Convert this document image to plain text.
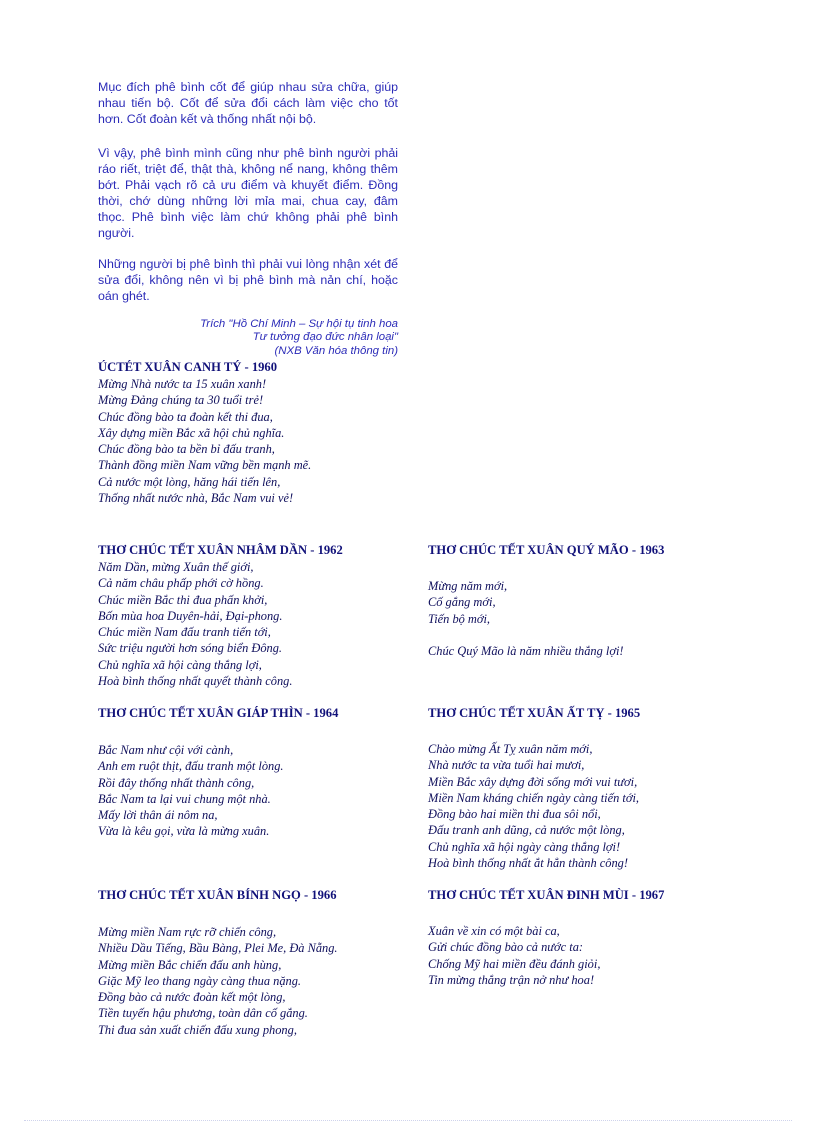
Mục đích phê bình cốt để giúp nhau sửa chữa, giúp nhau tiến bộ. Cốt để sửa đổi cách làm việc cho tốt hơn. Cốt đoàn kết và thống nhất nội bộ.

Vì vậy, phê bình mình cũng như phê bình người phải ráo riết, triệt để, thật thà, không nể nang, không thêm bớt. Phải vạch rõ cả ưu điểm và khuyết điểm. Đồng thời, chớ dùng những lời mỉa mai, chua cay, đâm thọc. Phê bình việc làm chứ không phải phê bình người.

Những người bị phê bình thì phải vui lòng nhận xét để sửa đổi, không nên vì bị phê bình mà nản chí, hoặc oán ghét.

Trích "Hồ Chí Minh – Sự hội tụ tinh hoa
Tư tưởng đạo đức nhân loại"
(NXB Văn hóa thông tin)
ÚCTÉT XUÂN CANH TÝ - 1960
Mừng Nhà nước ta 15 xuân xanh!
Mừng Đảng chúng ta 30 tuổi trẻ!
Chúc đồng bào ta đoàn kết thi đua,
Xây dựng miền Bắc xã hội chủ nghĩa.
Chúc đồng bào ta bền bỉ đấu tranh,
Thành đồng miền Nam vững bền mạnh mẽ.
Cả nước một lòng, hăng hái tiến lên,
Thống nhất nước nhà, Bắc Nam vui vẻ!
THƠ CHÚC TẾT XUÂN NHÂM DẦN - 1962
Năm Dần, mừng Xuân thế giới,
Cả năm châu phấp phới cờ hồng.
Chúc miền Bắc thi đua phấn khởi,
Bốn mùa hoa Duyên-hải, Đại-phong.
Chúc miền Nam đấu tranh tiến tới,
Sức triệu người hơn sóng biển Đông.
Chủ nghĩa xã hội càng thắng lợi,
Hoà bình thống nhất quyết thành công.
THƠ CHÚC TẾT XUÂN QUÝ MÃO - 1963
Mừng năm mới,
Cố gắng mới,
Tiến bộ mới,
Chúc Quý Mão là năm nhiều thắng lợi!
THƠ CHÚC TẾT XUÂN GIÁP THÌN - 1964
Bắc Nam như cội với cành,
Anh em ruột thịt, đấu tranh một lòng.
Rồi đây thống nhất thành công,
Bắc Nam ta lại vui chung một nhà.
Mấy lời thân ái nôm na,
Vừa là kêu gọi, vừa là mừng xuân.
THƠ CHÚC TẾT XUÂN ẤT TỴ - 1965
Chào mừng Ất Tỵ xuân năm mới,
Nhà nước ta vừa tuổi hai mươi,
Miền Bắc xây dựng đời sống mới vui tươi,
Miền Nam kháng chiến ngày càng tiến tới,
Đồng bào hai miền thi đua sôi nổi,
Đấu tranh anh dũng, cả nước một lòng,
Chủ nghĩa xã hội ngày càng thắng lợi!
Hoà bình thống nhất ắt hẳn thành công!
THƠ CHÚC TẾT XUÂN BÍNH NGỌ - 1966
Mừng miền Nam rực rỡ chiến công,
Nhiều Dầu Tiếng, Bầu Bàng, Plei Me, Đà Nẵng.
Mừng miền Bắc chiến đấu anh hùng,
Giặc Mỹ leo thang ngày càng thua nặng.
Đồng bào cả nước đoàn kết một lòng,
Tiền tuyến hậu phương, toàn dân cố gắng.
Thi đua sản xuất chiến đấu xung phong,
THƠ CHÚC TẾT XUÂN ĐINH MÙI - 1967
Xuân về xin có một bài ca,
Gửi chúc đồng bào cả nước ta:
Chống Mỹ hai miền đều đánh giỏi,
Tin mừng thắng trận nở như hoa!
